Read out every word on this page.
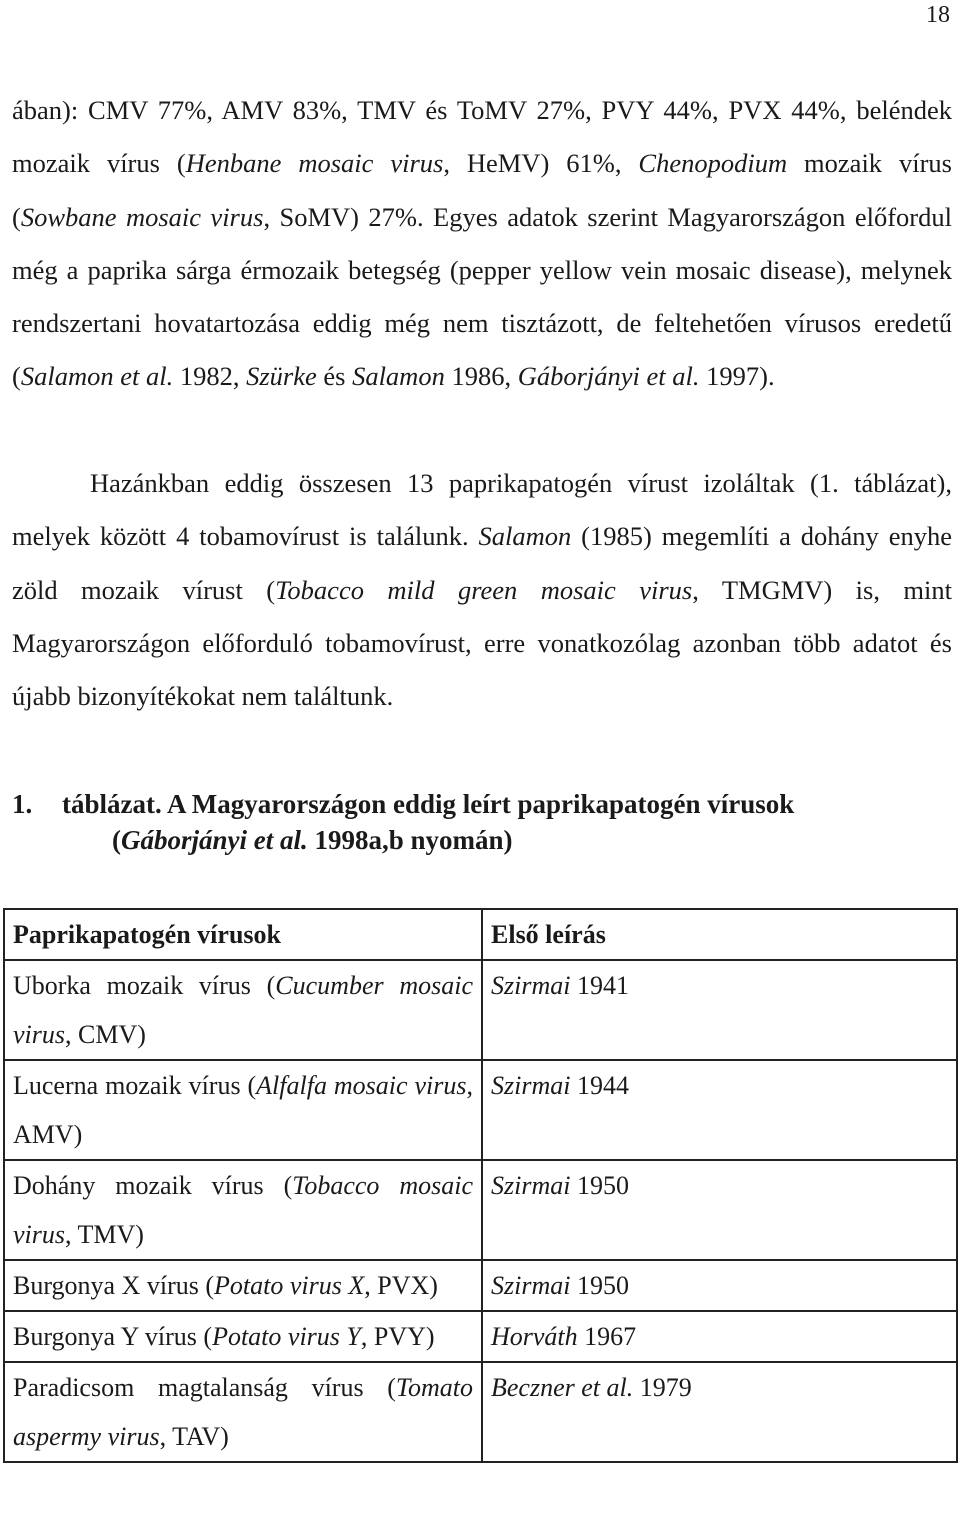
18

ában): CMV 77%, AMV 83%, TMV és ToMV 27%, PVY 44%, PVX 44%, beléndek mozaik vírus (Henbane mosaic virus, HeMV) 61%, Chenopodium mozaik vírus (Sowbane mosaic virus, SoMV) 27%. Egyes adatok szerint Magyarországon előfordul még a paprika sárga érmozaik betegség (pepper yellow vein mosaic disease), melynek rendszertani hovatartozása eddig még nem tisztázott, de feltehetően vírusos eredetű (Salamon et al. 1982, Szürke és Salamon 1986, Gáborjányi et al. 1997).

Hazánkban eddig összesen 13 paprikapatogén vírust izoláltak (1. táblázat), melyek között 4 tobamovírust is találunk. Salamon (1985) megemlíti a dohány enyhe zöld mozaik vírust (Tobacco mild green mosaic virus, TMGMV) is, mint Magyarországon előforduló tobamovírust, erre vonatkozólag azonban több adatot és újabb bizonyítékokat nem találtunk.

1. táblázat. A Magyarországon eddig leírt paprikapatogén vírusok
(Gáborjányi et al. 1998a,b nyomán)
Paprikapatogén vírusok	Első leírás
Uborka mozaik vírus (Cucumber mosaic virus, CMV)	Szirmai 1941
Lucerna mozaik vírus (Alfalfa mosaic virus, AMV)	Szirmai 1944
Dohány mozaik vírus (Tobacco mosaic virus, TMV)	Szirmai 1950
Burgonya X vírus (Potato virus X, PVX)	Szirmai 1950
Burgonya Y vírus (Potato virus Y, PVY)	Horváth 1967
Paradicsom magtalanság vírus (Tomato aspermy virus, TAV)	Beczner et al. 1979
